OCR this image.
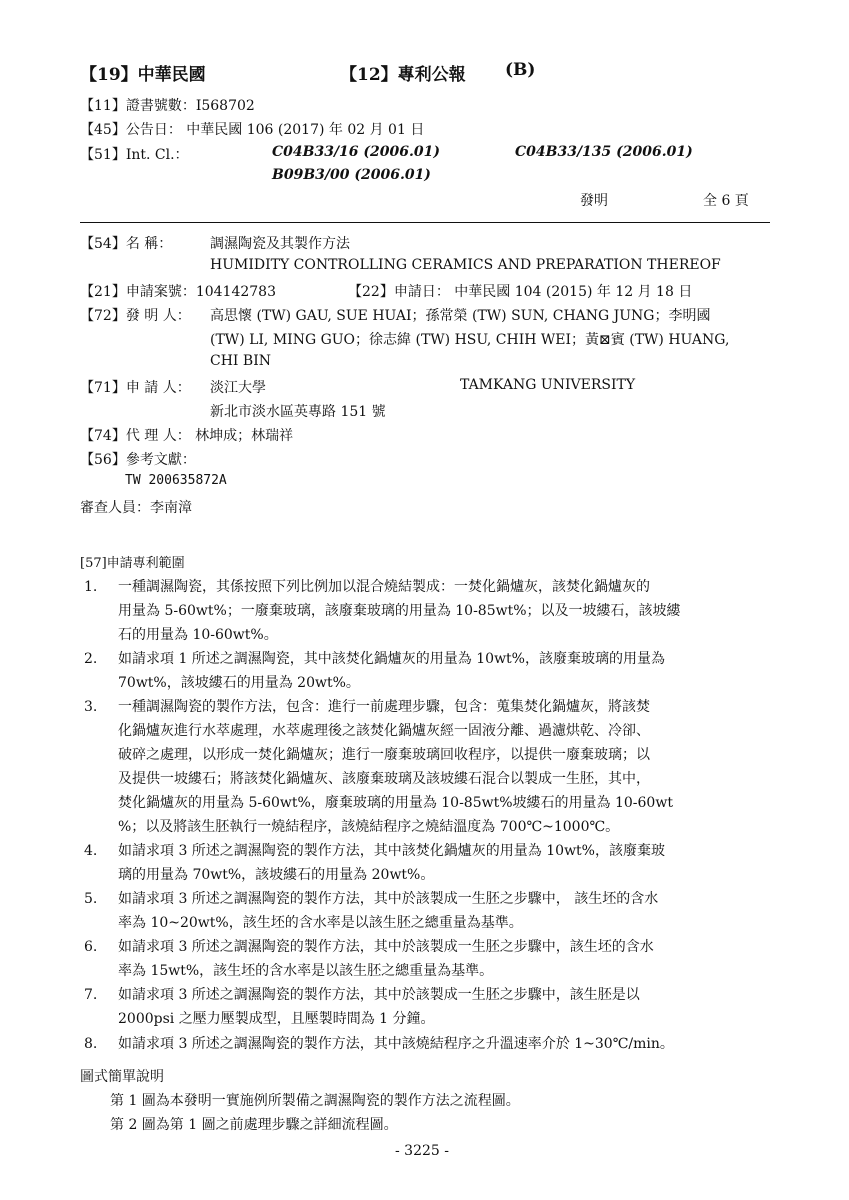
【19】中華民國	【12】專利公報 (B)
【11】證書號數：I568702
【45】公告日： 中華民國 106 (2017) 年 02 月 01 日
【51】Int. Cl.：	C04B33/16 (2006.01)	C04B33/135 (2006.01)
B09B3/00 (2006.01)
發明	全 6 頁
【54】名 稱：	調濕陶瓷及其製作方法
HUMIDITY CONTROLLING CERAMICS AND PREPARATION THEREOF
【21】申請案號：104142783	【22】申請日： 中華民國 104 (2015) 年 12 月 18 日
【72】發 明 人： 高思懷 (TW) GAU, SUE HUAI；孫常榮 (TW) SUN, CHANG JUNG；李明國
(TW) LI, MING GUO；徐志緯 (TW) HSU, CHIH WEI；黃⊠賓 (TW) HUANG,
CHI BIN
【71】申 請 人： 淡江大學	TAMKANG UNIVERSITY
新北市淡水區英專路 151 號
【74】代 理 人： 林坤成；林瑞祥
【56】參考文獻：
TW 200635872A
審查人員：李南漳
[57]申請專利範圍
1.	一種調濕陶瓷，其係按照下列比例加以混合燒結製成：一焚化鍋爐灰，該焚化鍋爐灰的
用量為 5-60wt%；一廢棄玻璃，該廢棄玻璃的用量為 10-85wt%；以及一坡縷石，該坡縷
石的用量為 10-60wt%。
2.	如請求項 1 所述之調濕陶瓷，其中該焚化鍋爐灰的用量為 10wt%，該廢棄玻璃的用量為
70wt%，該坡縷石的用量為 20wt%。
3.	一種調濕陶瓷的製作方法，包含：進行一前處理步驟，包含：蒐集焚化鍋爐灰，將該焚
化鍋爐灰進行水萃處理，水萃處理後之該焚化鍋爐灰經一固液分離、過濾烘乾、冷卻、
破碎之處理，以形成一焚化鍋爐灰；進行一廢棄玻璃回收程序，以提供一廢棄玻璃；以
及提供一坡縷石；將該焚化鍋爐灰、該廢棄玻璃及該坡縷石混合以製成一生胚，其中，
焚化鍋爐灰的用量為 5-60wt%，廢棄玻璃的用量為 10-85wt%坡縷石的用量為 10-60wt
%；以及將該生胚執行一燒結程序，該燒結程序之燒結溫度為 700℃~1000℃。
4.	如請求項 3 所述之調濕陶瓷的製作方法，其中該焚化鍋爐灰的用量為 10wt%，該廢棄玻
璃的用量為 70wt%，該坡縷石的用量為 20wt%。
5.	如請求項 3 所述之調濕陶瓷的製作方法，其中於該製成一生胚之步驟中， 該生坯的含水
率為 10~20wt%，該生坯的含水率是以該生胚之總重量為基準。
6.	如請求項 3 所述之調濕陶瓷的製作方法，其中於該製成一生胚之步驟中，該生坯的含水
率為 15wt%，該生坯的含水率是以該生胚之總重量為基準。
7.	如請求項 3 所述之調濕陶瓷的製作方法，其中於該製成一生胚之步驟中，該生胚是以
2000psi 之壓力壓製成型，且壓製時間為 1 分鐘。
8.	如請求項 3 所述之調濕陶瓷的製作方法，其中該燒結程序之升溫速率介於 1~30℃/min。
圖式簡單說明
第 1 圖為本發明一實施例所製備之調濕陶瓷的製作方法之流程圖。
第 2 圖為第 1 圖之前處理步驟之詳細流程圖。
- 3225 -
